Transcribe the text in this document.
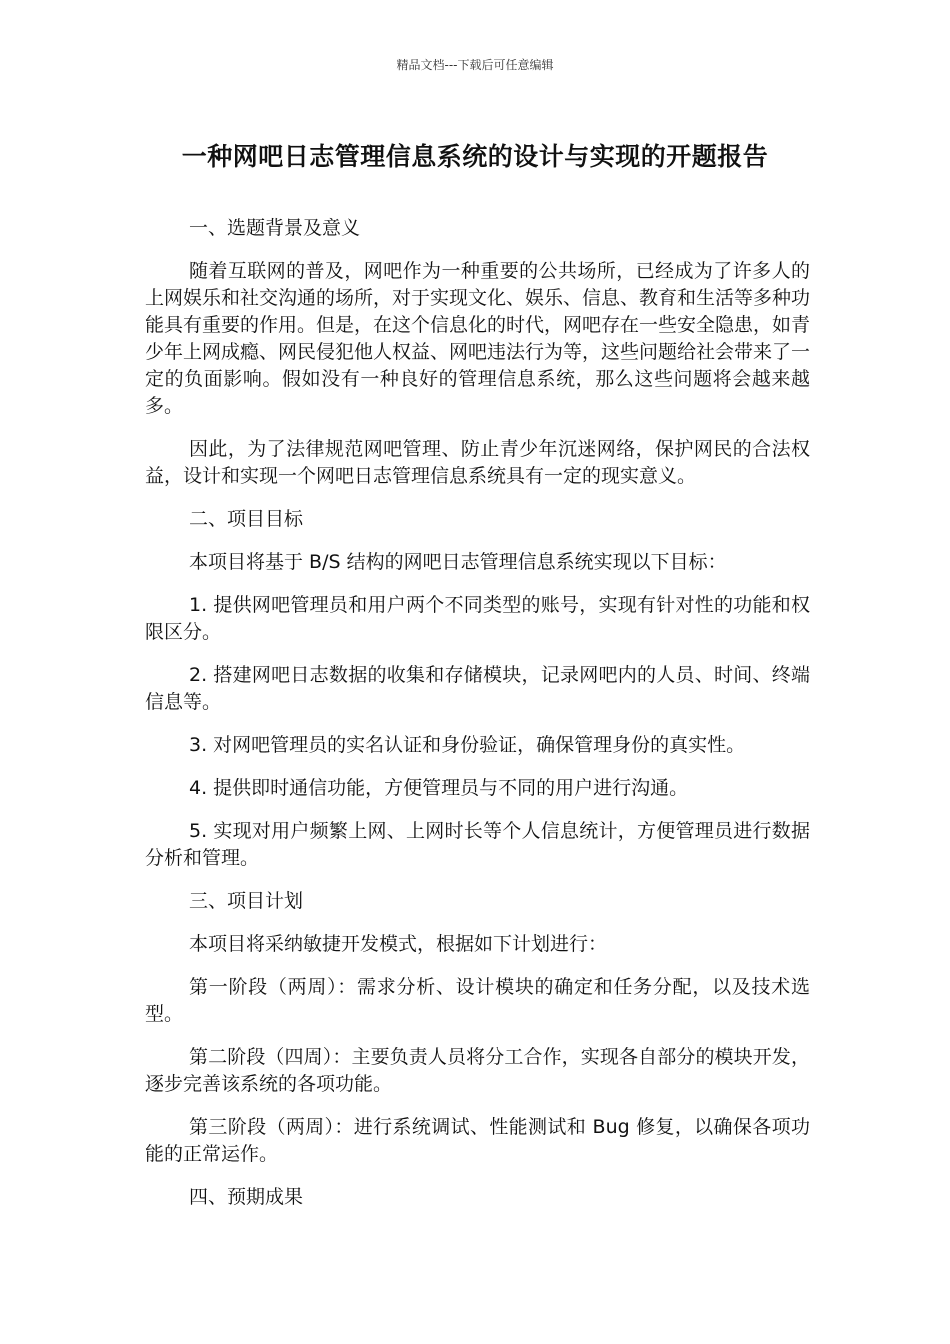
精品文档---下载后可任意编辑
一种网吧日志管理信息系统的设计与实现的开题报告

一、选题背景及意义

随着互联网的普及，网吧作为一种重要的公共场所，已经成为了许多人的上网娱乐和社交沟通的场所，对于实现文化、娱乐、信息、教育和生活等多种功能具有重要的作用。但是，在这个信息化的时代，网吧存在一些安全隐患，如青少年上网成瘾、网民侵犯他人权益、网吧违法行为等，这些问题给社会带来了一定的负面影响。假如没有一种良好的管理信息系统，那么这些问题将会越来越多。

因此，为了法律规范网吧管理、防止青少年沉迷网络，保护网民的合法权益，设计和实现一个网吧日志管理信息系统具有一定的现实意义。

二、项目目标

本项目将基于 B/S 结构的网吧日志管理信息系统实现以下目标：

1. 提供网吧管理员和用户两个不同类型的账号，实现有针对性的功能和权限区分。

2. 搭建网吧日志数据的收集和存储模块，记录网吧内的人员、时间、终端信息等。

3. 对网吧管理员的实名认证和身份验证，确保管理身份的真实性。

4. 提供即时通信功能，方便管理员与不同的用户进行沟通。

5. 实现对用户频繁上网、上网时长等个人信息统计，方便管理员进行数据分析和管理。

三、项目计划

本项目将采纳敏捷开发模式，根据如下计划进行：

第一阶段（两周）：需求分析、设计模块的确定和任务分配，以及技术选型。

第二阶段（四周）：主要负责人员将分工合作，实现各自部分的模块开发，逐步完善该系统的各项功能。

第三阶段（两周）：进行系统调试、性能测试和 Bug 修复，以确保各项功能的正常运作。

四、预期成果
